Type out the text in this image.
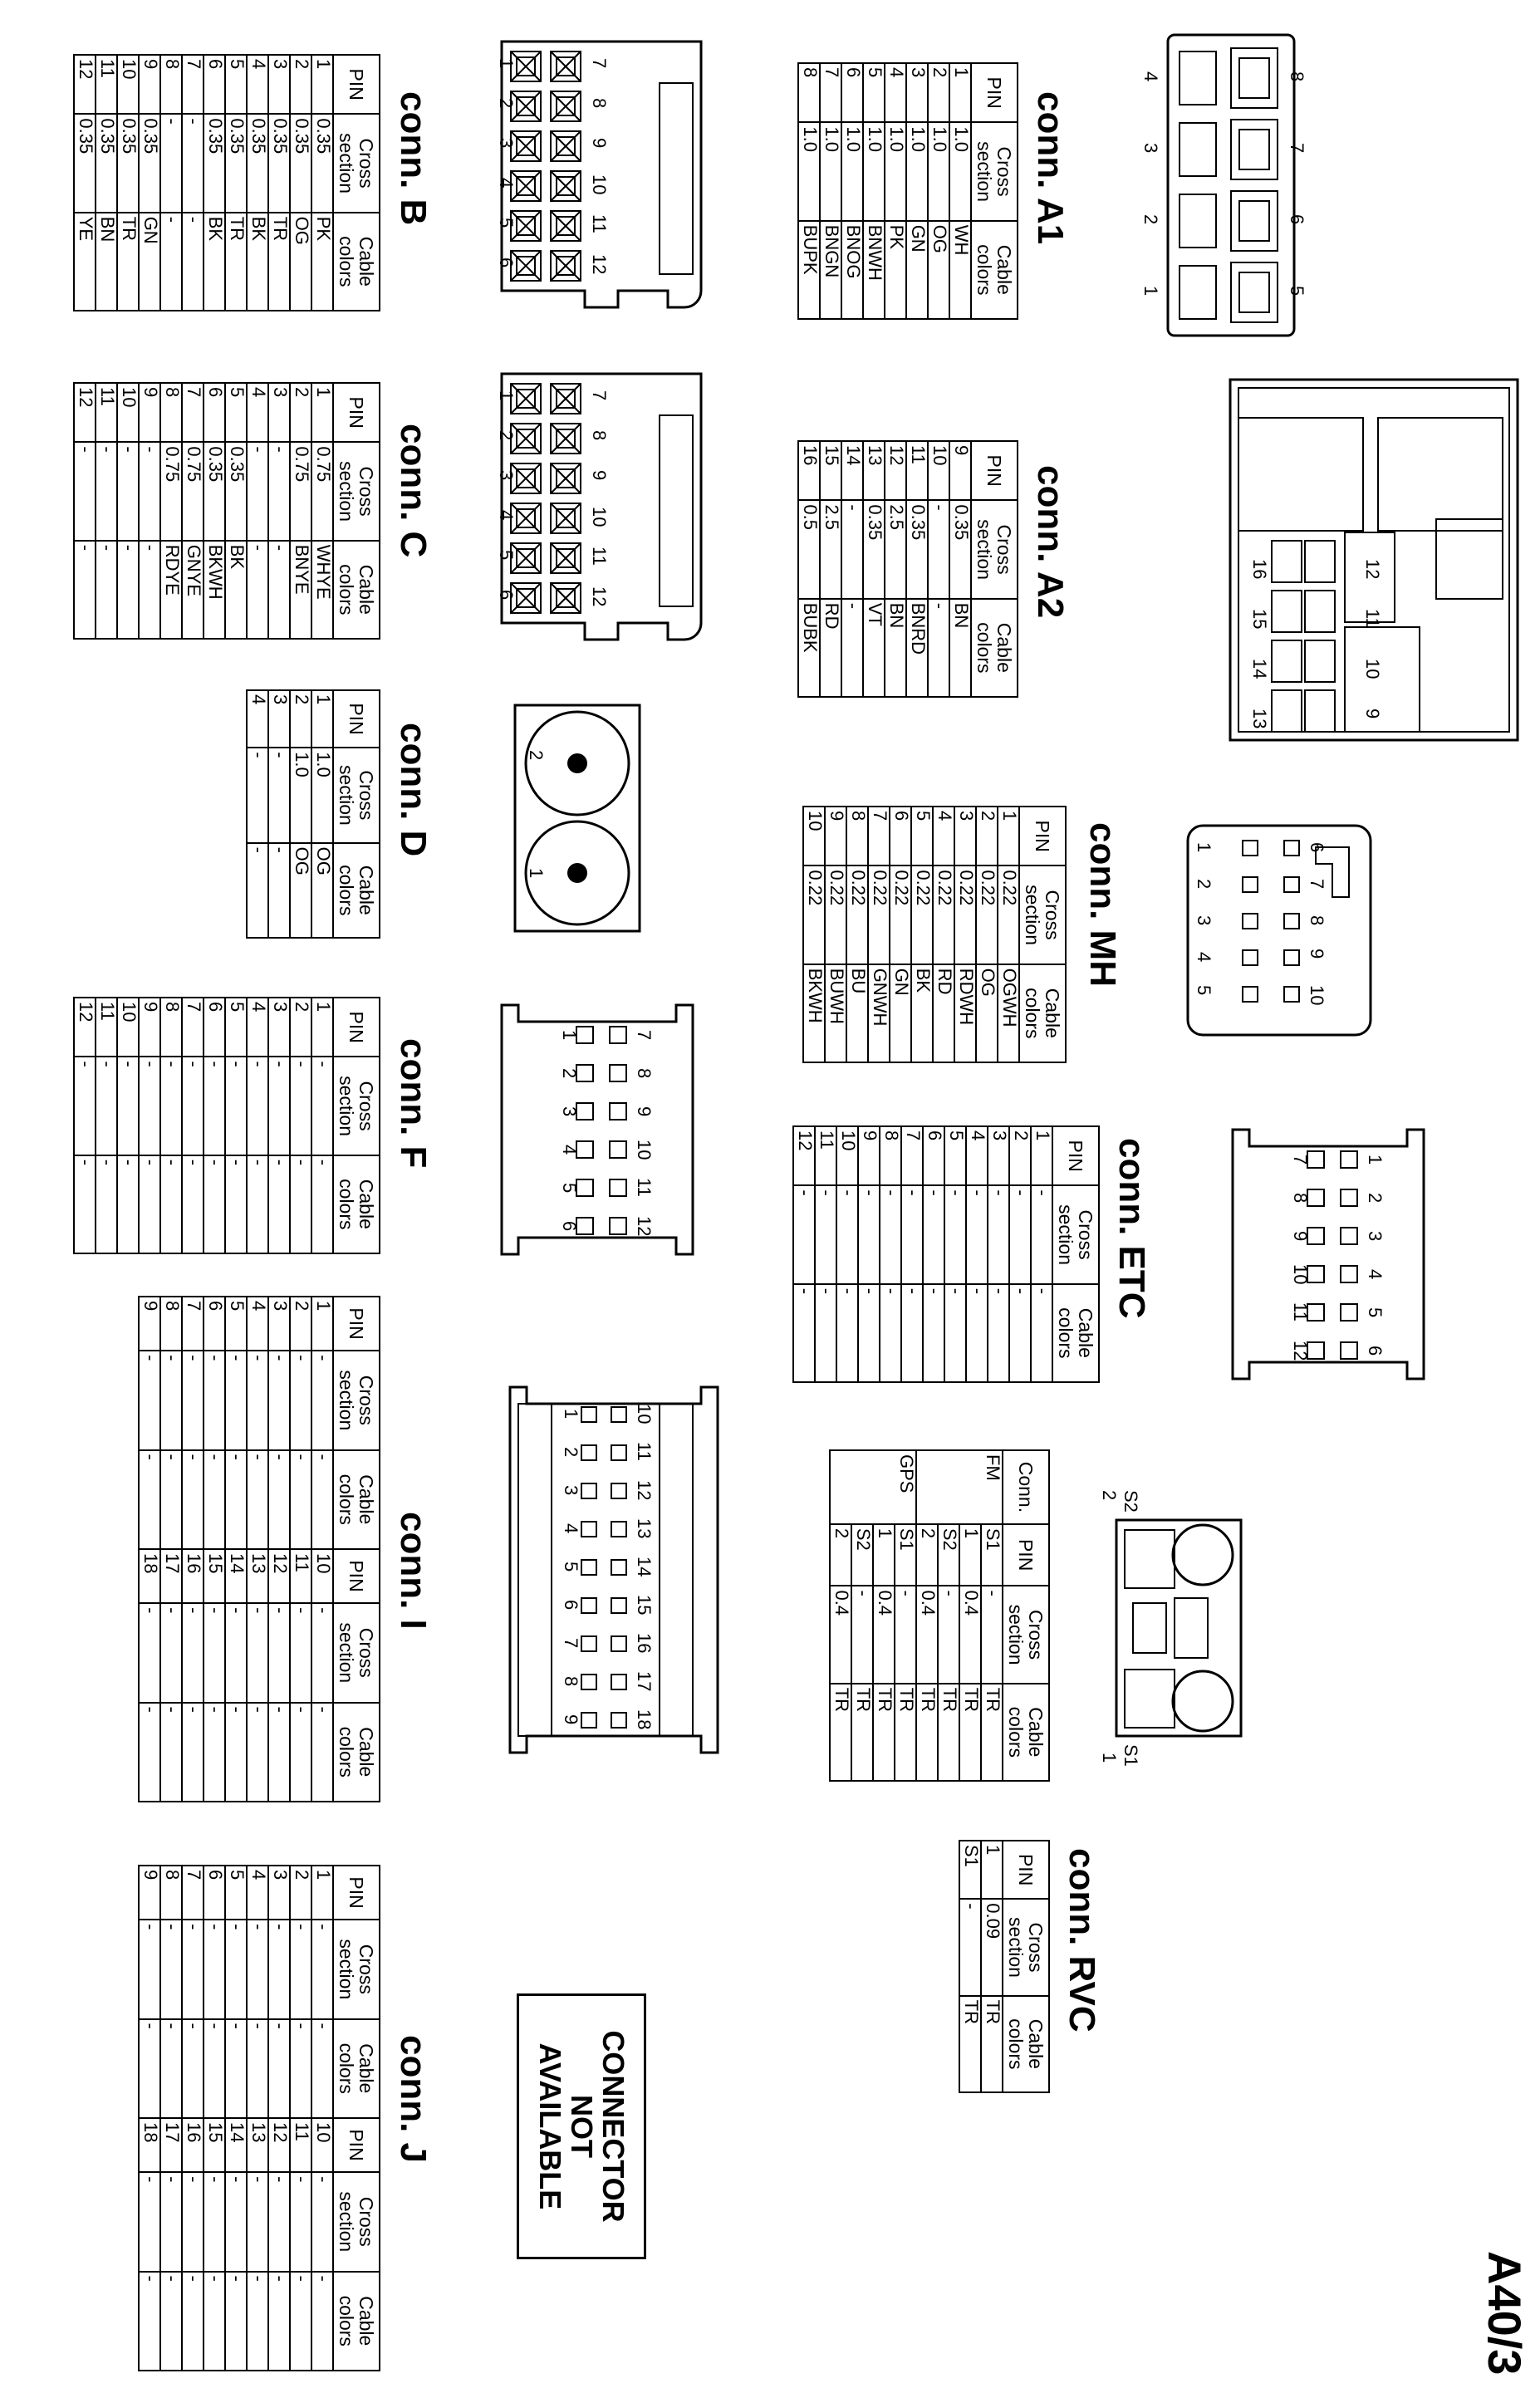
A40/3
conn. A1
PIN	Cross section	Cable colors
1	1.0	WH
2	1.0	OG
3	1.0	GN
4	1.0	PK
5	1.0	BNWH
6	1.0	BNOG
7	1.0	BNGN
8	1.0	BUPK
conn. A2
PIN	Cross section	Cable colors
9	0.35	BN
10	-	-
11	0.35	BNRD
12	2.5	BN
13	0.35	VT
14	-	-
15	2.5	RD
16	0.5	BUBK
conn. MH
PIN	Cross section	Cable colors
1	0.22	OGWH
2	0.22	OG
3	0.22	RDWH
4	0.22	RD
5	0.22	BK
6	0.22	GN
7	0.22	GNWH
8	0.22	BU
9	0.22	BUWH
10	0.22	BKWH
conn. ETC
PIN	Cross section	Cable colors
1	-	-
2	-	-
3	-	-
4	-	-
5	-	-
6	-	-
7	-	-
8	-	-
9	-	-
10	-	-
11	-	-
12	-	-
Conn.	PIN	Cross section	Cable colors
FM	S1	-	TR
	1	0.4	TR
	S2	-	TR
	2	0.4	TR
GPS	S1	-	TR
	1	0.4	TR
	S2	-	TR
	2	0.4	TR
conn. RVC
PIN	Cross section	Cable colors
1	0.09	TR
S1	-	TR
conn. B
PIN	Cross section	Cable colors
1	0.35	PK
2	0.35	OG
3	0.35	TR
4	0.35	BK
5	0.35	TR
6	0.35	BK
7	-	-
8	-	-
9	0.35	GN
10	0.35	TR
11	0.35	BN
12	0.35	YE
conn. C
PIN	Cross section	Cable colors
1	0.75	WHYE
2	0.75	BNYE
3	-	-
4	-	-
5	0.35	BK
6	0.35	BKWH
7	0.75	GNYE
8	0.75	RDYE
9	-	-
10	-	-
11	-	-
12	-	-
conn. D
PIN	Cross section	Cable colors
1	1.0	OG
2	1.0	OG
3	-	-
4	-	-
conn. F
PIN	Cross section	Cable colors
1	-	-
2	-	-
3	-	-
4	-	-
5	-	-
6	-	-
7	-	-
8	-	-
9	-	-
10	-	-
11	-	-
12	-	-
conn. I
PIN	Cross section	Cable colors	PIN	Cross section	Cable colors
1	-	-	10	-	-
2	-	-	11	-	-
3	-	-	12	-	-
4	-	-	13	-	-
5	-	-	14	-	-
6	-	-	15	-	-
7	-	-	16	-	-
8	-	-	17	-	-
9	-	-	18	-	-
conn. J
PIN	Cross section	Cable colors	PIN	Cross section	Cable colors
1	-	-	10	-	-
2	-	-	11	-	-
3	-	-	12	-	-
4	-	-	13	-	-
5	-	-	14	-	-
6	-	-	15	-	-
7	-	-	16	-	-
8	-	-	17	-	-
9	-	-	18	-	-
CONNECTOR
NOT
AVAILABLE
4
3
2
1
8
7
6
5
12
11
10
9
16
15
14
13
6
7
8
9
10
1
2
3
4
5
1
2
3
4
5
6
7
8
9
10
11
12
S2
2
S1
1
1
2
3
4
5
6
7
8
9
10
11
12
1
2
3
4
5
6
7
8
9
10
11
12
2
1
1
2
3
4
5
6
7
8
9
10
11
12
1
2
3
4
5
6
7
8
9
10
11
12
13
14
15
16
17
18
